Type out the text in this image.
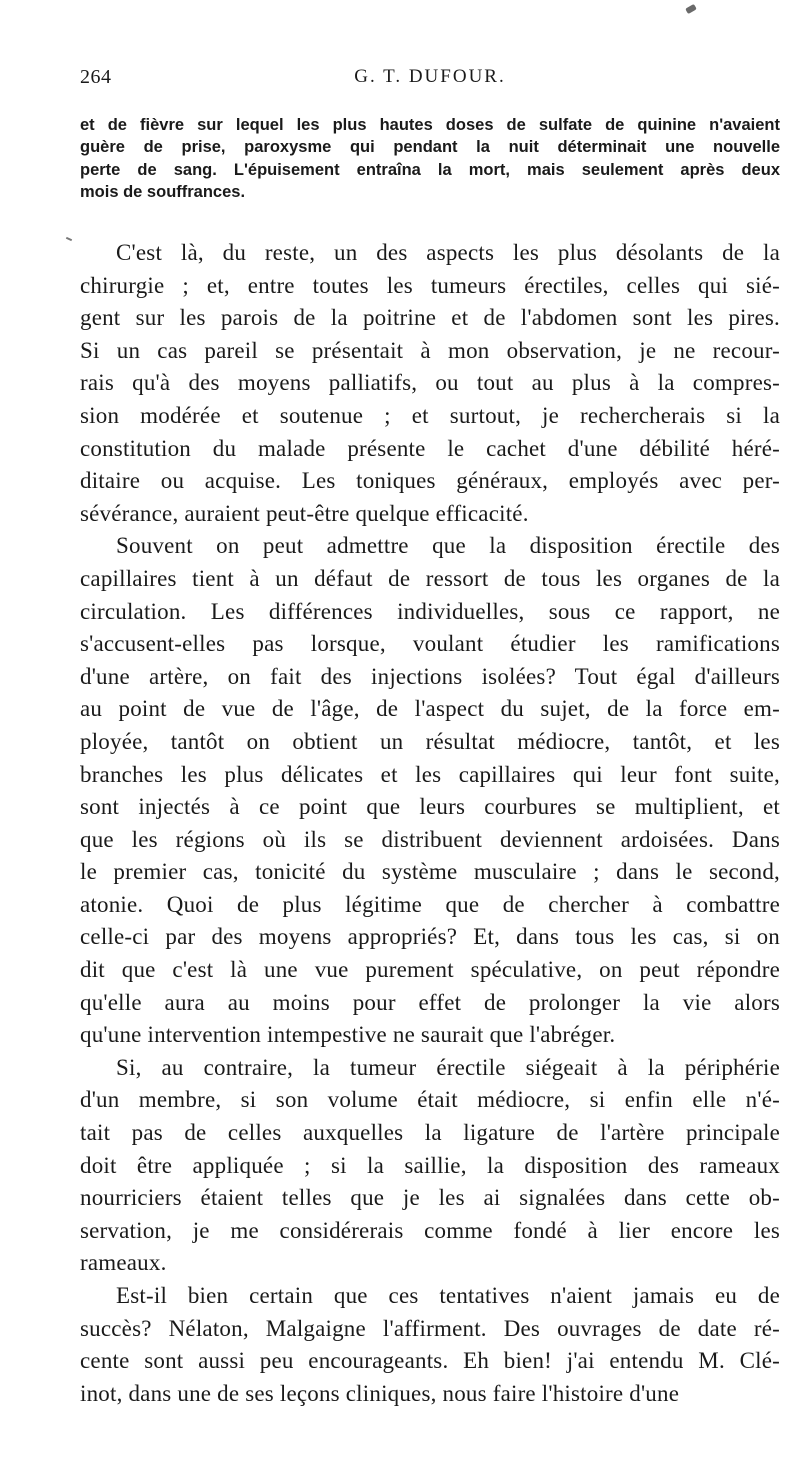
264	G. T. DUFOUR.
et de fièvre sur lequel les plus hautes doses de sulfate de quinine n'avaient
guère de prise, paroxysme qui pendant la nuit déterminait une nouvelle
perte de sang. L'épuisement entraîna la mort, mais seulement après deux
mois de souffrances.
C'est là, du reste, un des aspects les plus désolants de la
chirurgie ; et, entre toutes les tumeurs érectiles, celles qui sié-
gent sur les parois de la poitrine et de l'abdomen sont les pires.
Si un cas pareil se présentait à mon observation, je ne recour-
rais qu'à des moyens palliatifs, ou tout au plus à la compres-
sion modérée et soutenue ; et surtout, je rechercherais si la
constitution du malade présente le cachet d'une débilité héré-
ditaire ou acquise. Les toniques généraux, employés avec per-
sévérance, auraient peut-être quelque efficacité.
Souvent on peut admettre que la disposition érectile des
capillaires tient à un défaut de ressort de tous les organes de la
circulation. Les différences individuelles, sous ce rapport, ne
s'accusent-elles pas lorsque, voulant étudier les ramifications
d'une artère, on fait des injections isolées? Tout égal d'ailleurs
au point de vue de l'âge, de l'aspect du sujet, de la force em-
ployée, tantôt on obtient un résultat médiocre, tantôt, et les
branches les plus délicates et les capillaires qui leur font suite,
sont injectés à ce point que leurs courbures se multiplient, et
que les régions où ils se distribuent deviennent ardoisées. Dans
le premier cas, tonicité du système musculaire ; dans le second,
atonie. Quoi de plus légitime que de chercher à combattre
celle-ci par des moyens appropriés? Et, dans tous les cas, si on
dit que c'est là une vue purement spéculative, on peut répondre
qu'elle aura au moins pour effet de prolonger la vie alors
qu'une intervention intempestive ne saurait que l'abréger.
Si, au contraire, la tumeur érectile siégeait à la périphérie
d'un membre, si son volume était médiocre, si enfin elle n'é-
tait pas de celles auxquelles la ligature de l'artère principale
doit être appliquée ; si la saillie, la disposition des rameaux
nourriciers étaient telles que je les ai signalées dans cette ob-
servation, je me considérerais comme fondé à lier encore les
rameaux.
Est-il bien certain que ces tentatives n'aient jamais eu de
succès? Nélaton, Malgaigne l'affirment. Des ouvrages de date ré-
cente sont aussi peu encourageants. Eh bien! j'ai entendu M. Clé-
inot, dans une de ses leçons cliniques, nous faire l'histoire d'une
